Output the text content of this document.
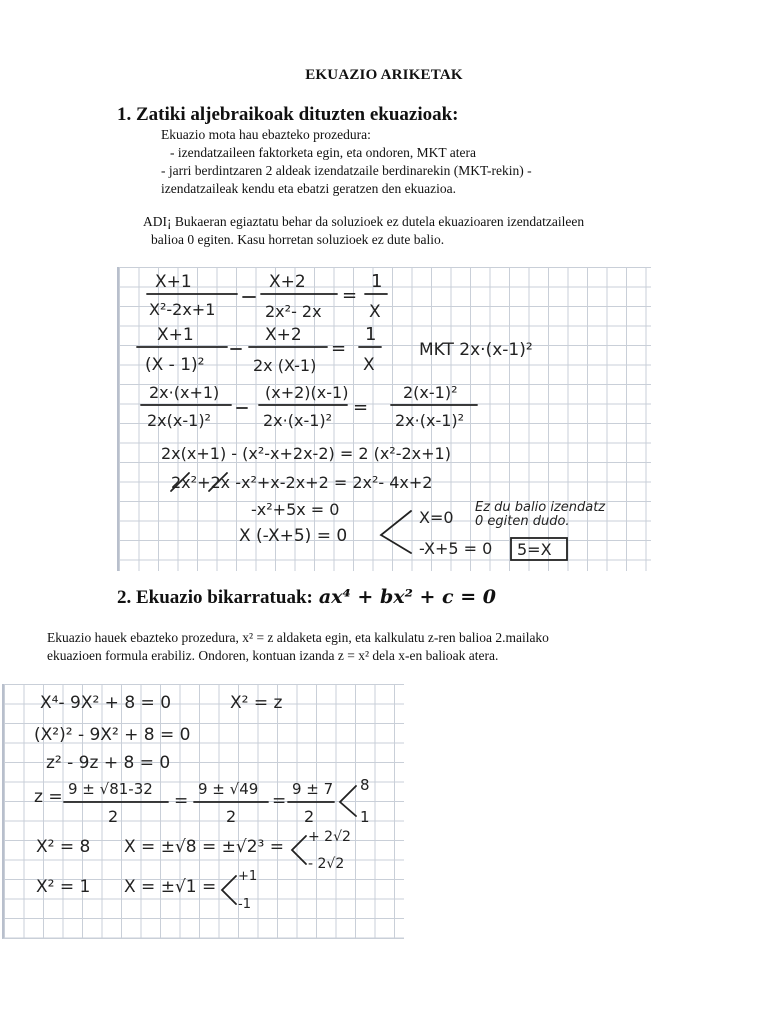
EKUAZIO ARIKETAK
1. Zatiki aljebraikoak dituzten ekuazioak:
Ekuazio mota hau ebazteko prozedura:
- izendatzaileen faktorketa egin, eta ondoren, MKT atera
- jarri berdintzaren 2 aldeak izendatzaile berdinarekin (MKT-rekin) -
izendatzaileak kendu eta ebatzi geratzen den ekuazioa.
ADI¡ Bukaeran egiaztatu behar da soluzioek ez dutela ekuazioaren izendatzaileen
balioa 0 egiten. Kasu horretan soluzioek ez dute balio.
X+1
X²-2x+1
X+2
2x²- 2x
=
1
X
X+1
(X - 1)²
X+2
2x (X-1)
=
1
X
MKT 2x·(x-1)²
2x·(x+1)
2x(x-1)²
(x+2)(x-1)
2x·(x-1)²
=
2(x-1)²
2x·(x-1)²
2x(x+1) - (x²-x+2x-2) = 2 (x²-2x+1)
2x²+2x -x²+x-2x+2 = 2x²- 4x+2
-x²+5x = 0
X (-X+5) = 0
X=0
Ez du balio izendatz
0 egiten dudo.
-X+5 = 0 5=X
2. Ekuazio bikarratuak: ax⁴ + bx² + c = 0
Ekuazio hauek ebazteko prozedura, x² = z aldaketa egin, eta kalkulatu z-ren balioa 2.mailako
ekuazioen formula erabiliz. Ondoren, kontuan izanda z = x² dela x-en balioak atera.
X⁴- 9X² + 8 = 0	X² = z
(X²)² - 9X² + 8 = 0
z² - 9z + 8 = 0
z = 9 ± √81-32
2
=
9 ± √49
2
=
9 ± 7
2
8
1
X² = 8 X = ±√8 = ±√2³ = + 2√2
- 2√2
X² = 1 X = ±√1 =
+1
-1
